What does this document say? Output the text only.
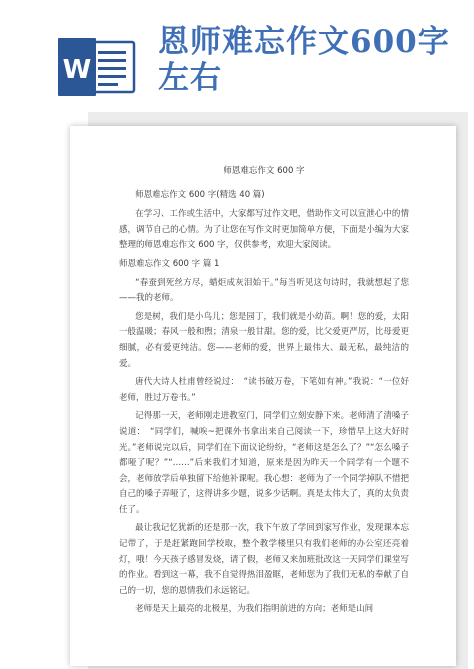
W
恩师难忘作文600字左右
师恩难忘作文 600 字
师恩难忘作文 600 字(精选 40 篇)

在学习、工作或生活中，大家都写过作文吧，借助作文可以宣泄心中的情感，调节自己的心情。为了让您在写作文时更加简单方便，下面是小编为大家整理的师恩难忘作文 600 字，仅供参考，欢迎大家阅读。

师恩难忘作文 600 字 篇 1

“春蚕到死丝方尽，蜡炬成灰泪始干。”每当听见这句诗时，我就想起了您——我的老师。

您是树，我们是小鸟儿；您是园丁，我们就是小幼苗。啊！您的爱，太阳一般温暖；春风一般和煦；清泉一般甘甜。您的爱，比父爱更严厉，比母爱更细腻，必有爱更纯洁。您——老师的爱，世界上最伟大、最无私，最纯洁的爱。

唐代大诗人杜甫曾经说过：　“读书破万卷，下笔如有神。”我说：“一位好老师，胜过万卷书。”

记得那一天，老师刚走进教室门，同学们立刻安静下来。老师清了清嗓子说道：　“同学们，喊唉~把课外书拿出来自己阅读一下，珍惜早上这大好时光。”老师说完以后，同学们在下面议论纷纷，“老师这是怎么了？”“怎么嗓子都哑了呢？”“……”后来我们才知道，原来是因为昨天一个同学有一个题不会，老师放学后单独留下给他补课呢。我心想：老师为了一个同学掉队不惜把自己的嗓子弄哑了，这得讲多少题，说多少话啊。真是太伟大了，真的太负责任了。

最让我记忆犹新的还是那一次，我下午放了学回到家写作业，发现课本忘记带了，于是赶紧跑回学校取，整个教学楼里只有我们老师的办公室还亮着灯，哦！今天孩子感冒发烧，请了假，老师又来加班批改这一天同学们课堂写的作业。看到这一幕，我不自觉得热泪盈眶，老师您为了我们无私的奉献了自己的一切，您的恩情我们永远铭记。

老师是天上最亮的北极星，为我们指明前进的方向；老师是山间
